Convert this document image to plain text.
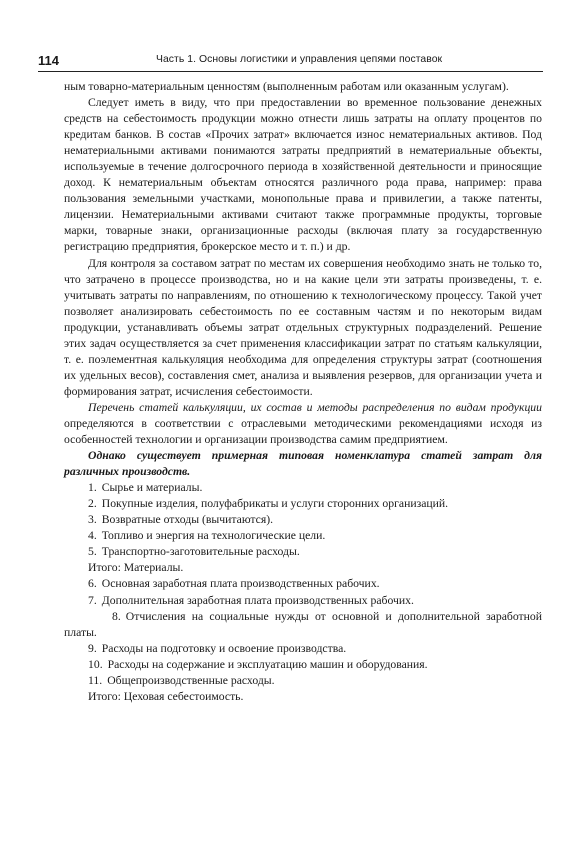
114	Часть 1. Основы логистики и управления цепями поставок

ным товарно-материальным ценностям (выполненным работам или оказанным услугам).

Следует иметь в виду, что при предоставлении во временное пользование денежных средств на себестоимость продукции можно отнести лишь затраты на оплату процентов по кредитам банков. В состав «Прочих затрат» включается износ нематериальных активов. Под нематериальными активами понимаются затраты предприятий в нематериальные объекты, используемые в течение долгосрочного периода в хозяйственной деятельности и приносящие доход. К нематериальным объектам относятся различного рода права, например: права пользования земельными участками, монопольные права и привилегии, а также патенты, лицензии. Нематериальными активами считают также программные продукты, торговые марки, товарные знаки, организационные расходы (включая плату за государственную регистрацию предприятия, брокерское место и т. п.) и др.

Для контроля за составом затрат по местам их совершения необходимо знать не только то, что затрачено в процессе производства, но и на какие цели эти затраты произведены, т. е. учитывать затраты по направлениям, по отношению к технологическому процессу. Такой учет позволяет анализировать себестоимость по ее составным частям и по некоторым видам продукции, устанавливать объемы затрат отдельных структурных подразделений. Решение этих задач осуществляется за счет применения классификации затрат по статьям калькуляции, т. е. поэлементная калькуляция необходима для определения структуры затрат (соотношения их удельных весов), составления смет, анализа и выявления резервов, для организации учета и формирования затрат, исчисления себестоимости.

Перечень статей калькуляции, их состав и методы распределения по видам продукции определяются в соответствии с отраслевыми методическими рекомендациями исходя из особенностей технологии и организации производства самим предприятием.

Однако существует примерная типовая номенклатура статей затрат для различных производств.

1. Сырье и материалы.
2. Покупные изделия, полуфабрикаты и услуги сторонних организаций.
3. Возвратные отходы (вычитаются).
4. Топливо и энергия на технологические цели.
5. Транспортно-заготовительные расходы.
Итого: Материалы.
6. Основная заработная плата производственных рабочих.
7. Дополнительная заработная плата производственных рабочих.
8. Отчисления на социальные нужды от основной и дополнительной заработной платы.
9. Расходы на подготовку и освоение производства.
10. Расходы на содержание и эксплуатацию машин и оборудования.
11. Общепроизводственные расходы.
Итого: Цеховая себестоимость.
